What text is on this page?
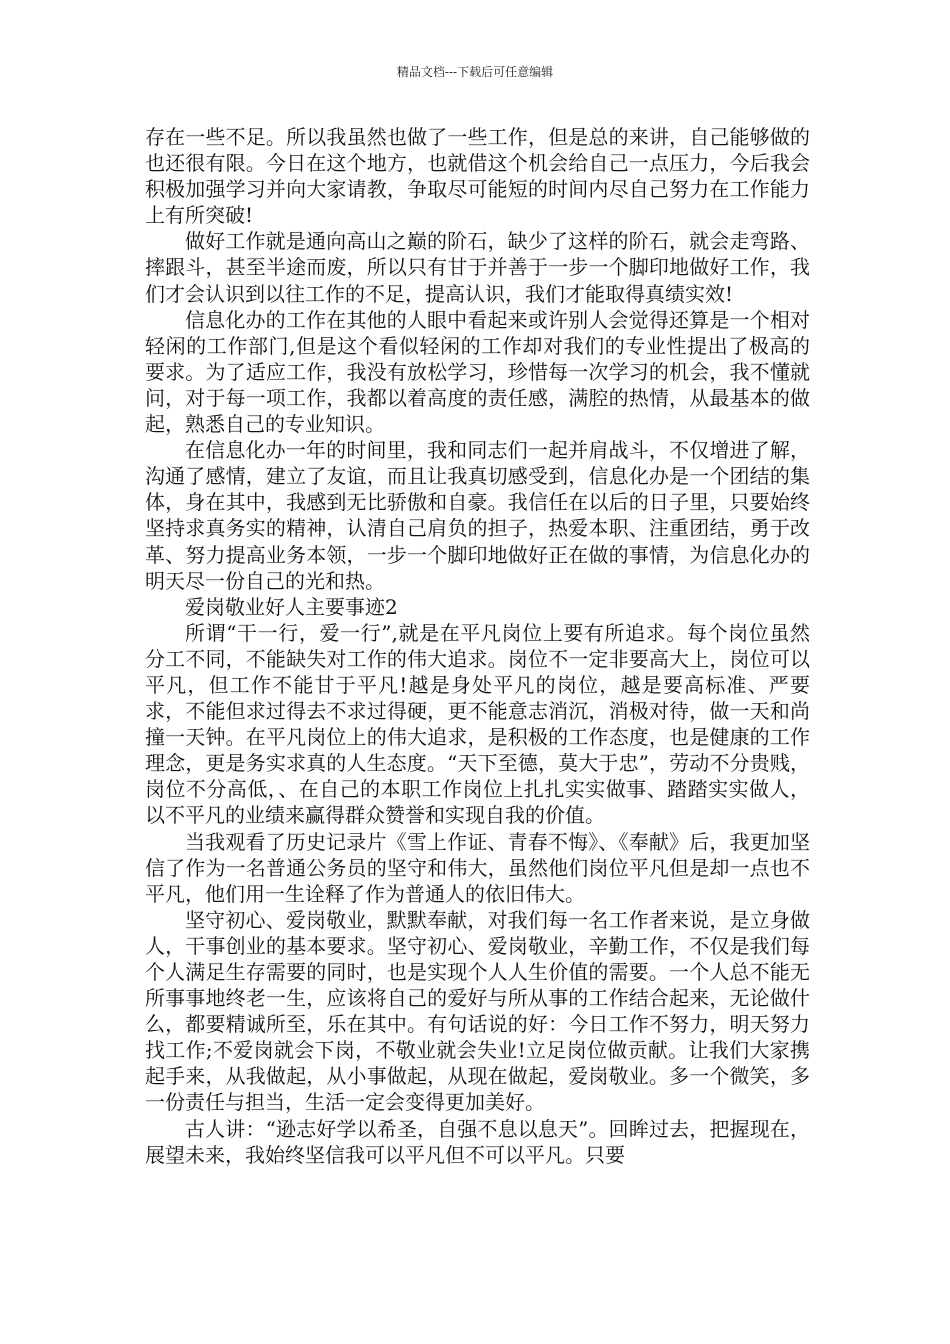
精品文档---下载后可任意编辑

存在一些不足。所以我虽然也做了一些工作，但是总的来讲，自己能够做的也还很有限。今日在这个地方，也就借这个机会给自己一点压力，今后我会积极加强学习并向大家请教，争取尽可能短的时间内尽自己努力在工作能力上有所突破!

做好工作就是通向高山之巅的阶石，缺少了这样的阶石，就会走弯路、摔跟斗，甚至半途而废，所以只有甘于并善于一步一个脚印地做好工作，我们才会认识到以往工作的不足，提高认识，我们才能取得真绩实效!

信息化办的工作在其他的人眼中看起来或许别人会觉得还算是一个相对轻闲的工作部门,但是这个看似轻闲的工作却对我们的专业性提出了极高的要求。为了适应工作，我没有放松学习，珍惜每一次学习的机会，我不懂就问，对于每一项工作，我都以着高度的责任感，满腔的热情，从最基本的做起，熟悉自己的专业知识。

在信息化办一年的时间里，我和同志们一起并肩战斗，不仅增进了解，沟通了感情，建立了友谊，而且让我真切感受到，信息化办是一个团结的集体，身在其中，我感到无比骄傲和自豪。我信任在以后的日子里，只要始终坚持求真务实的精神，认清自己肩负的担子，热爱本职、注重团结，勇于改革、努力提高业务本领，一步一个脚印地做好正在做的事情，为信息化办的明天尽一份自己的光和热。

爱岗敬业好人主要事迹2

所谓“干一行，爱一行”,就是在平凡岗位上要有所追求。每个岗位虽然分工不同，不能缺失对工作的伟大追求。岗位不一定非要高大上，岗位可以平凡，但工作不能甘于平凡!越是身处平凡的岗位，越是要高标准、严要求，不能但求过得去不求过得硬，更不能意志消沉，消极对待，做一天和尚撞一天钟。在平凡岗位上的伟大追求，是积极的工作态度，也是健康的工作理念，更是务实求真的人生态度。“天下至德，莫大于忠”，劳动不分贵贱，岗位不分高低，、在自己的本职工作岗位上扎扎实实做事、踏踏实实做人，以不平凡的业绩来赢得群众赞誉和实现自我的价值。

当我观看了历史记录片《雪上作证、青春不悔》、《奉献》后，我更加坚信了作为一名普通公务员的坚守和伟大，虽然他们岗位平凡但是却一点也不平凡，他们用一生诠释了作为普通人的依旧伟大。

坚守初心、爱岗敬业，默默奉献，对我们每一名工作者来说，是立身做人，干事创业的基本要求。坚守初心、爱岗敬业，辛勤工作，不仅是我们每个人满足生存需要的同时，也是实现个人人生价值的需要。一个人总不能无所事事地终老一生，应该将自己的爱好与所从事的工作结合起来，无论做什么，都要精诚所至，乐在其中。有句话说的好：今日工作不努力，明天努力找工作;不爱岗就会下岗，不敬业就会失业!立足岗位做贡献。让我们大家携起手来，从我做起，从小事做起，从现在做起，爱岗敬业。多一个微笑，多一份责任与担当，生活一定会变得更加美好。

古人讲：“逊志好学以希圣，自强不息以息天”。回眸过去，把握现在，展望未来，我始终坚信我可以平凡但不可以平凡。只要
